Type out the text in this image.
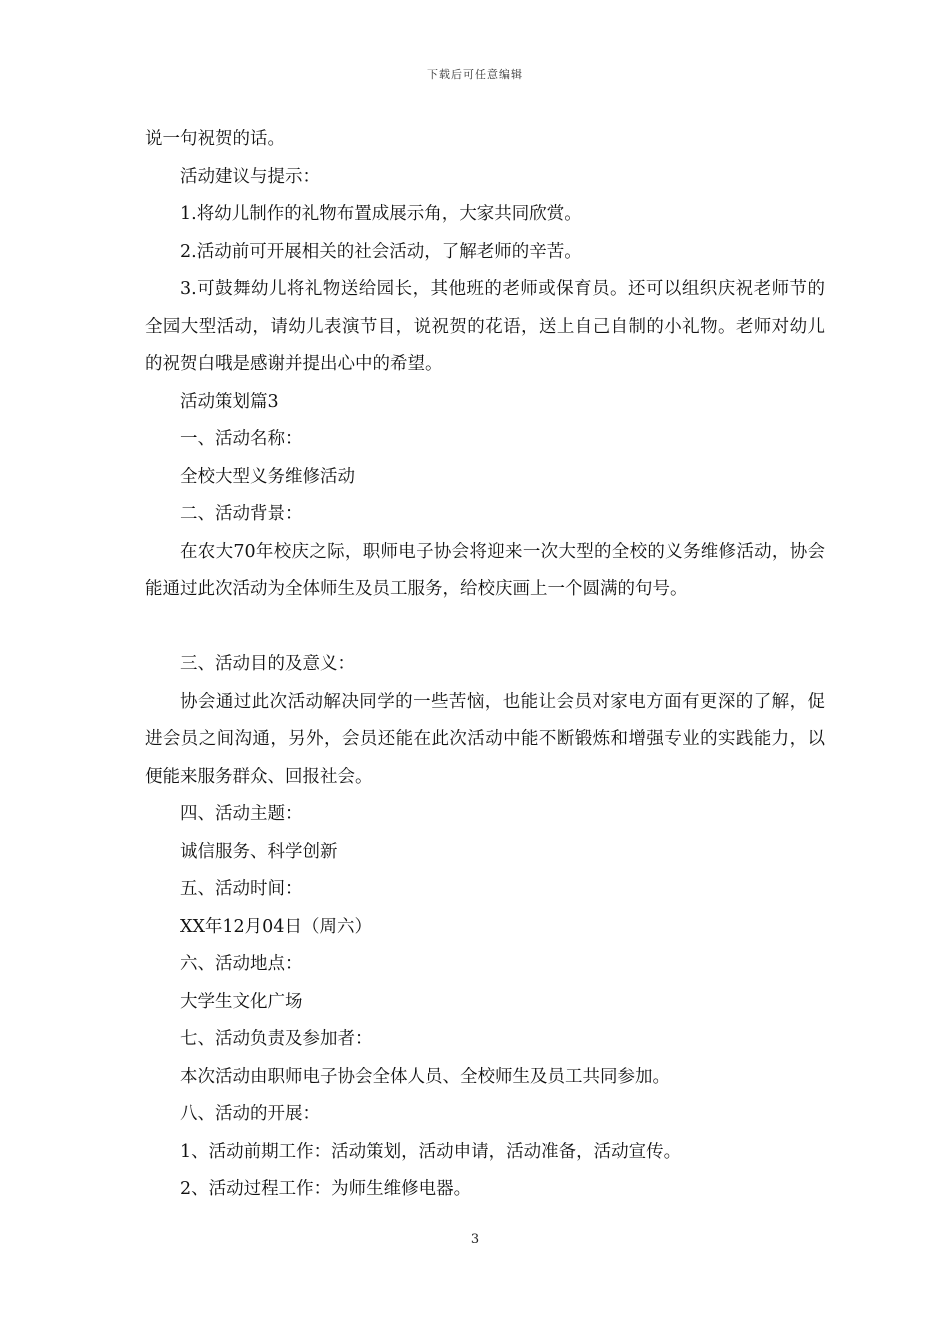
下载后可任意编辑

说一句祝贺的话。

活动建议与提示：

1.将幼儿制作的礼物布置成展示角，大家共同欣赏。

2.活动前可开展相关的社会活动，了解老师的辛苦。

3.可鼓舞幼儿将礼物送给园长，其他班的老师或保育员。还可以组织庆祝老师节的全园大型活动，请幼儿表演节目，说祝贺的花语，送上自己自制的小礼物。老师对幼儿的祝贺白哦是感谢并提出心中的希望。

活动策划篇3

一、活动名称：

全校大型义务维修活动

二、活动背景：

在农大70年校庆之际，职师电子协会将迎来一次大型的全校的义务维修活动，协会能通过此次活动为全体师生及员工服务，给校庆画上一个圆满的句号。

三、活动目的及意义：

协会通过此次活动解决同学的一些苦恼，也能让会员对家电方面有更深的了解，促进会员之间沟通，另外，会员还能在此次活动中能不断锻炼和增强专业的实践能力，以便能来服务群众、回报社会。

四、活动主题：

诚信服务、科学创新

五、活动时间：

XX年12月04日（周六）

六、活动地点：

大学生文化广场

七、活动负责及参加者：

本次活动由职师电子协会全体人员、全校师生及员工共同参加。

八、活动的开展：

1、活动前期工作：活动策划，活动申请，活动准备，活动宣传。

2、活动过程工作：为师生维修电器。

3
